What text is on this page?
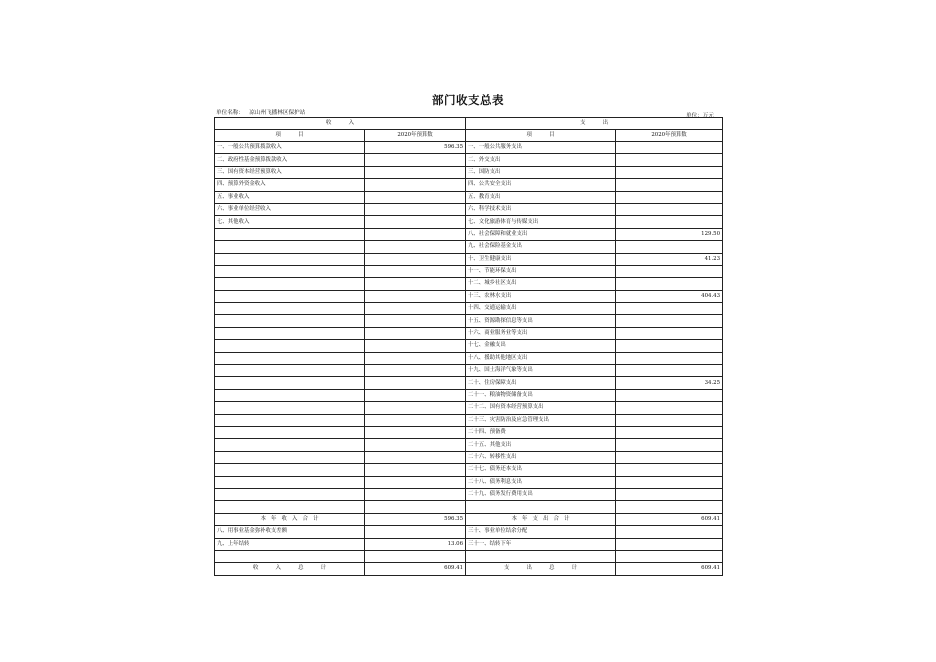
部门收支总表
单位名称：   凉山州飞播林区保护站	单位：万元
收          入		支          出	
项          目	2020年预算数	项          目	2020年预算数
一、一般公共预算拨款收入	596.35	一、一般公共服务支出	
二、政府性基金预算拨款收入		二、外交支出	
三、国有资本经营预算收入		三、国防支出	
四、预算外资金收入		四、公共安全支出	
五、事业收入		五、教育支出	
六、事业单位经营收入		六、科学技术支出	
七、其他收入		七、文化旅游体育与传媒支出	
		八、社会保障和就业支出	129.50
		九、社会保险基金支出	
		十、卫生健康支出	41.23
		十一、节能环保支出	
		十二、城乡社区支出	
		十三、农林水支出	404.43
		十四、交通运输支出	
		十五、资源勘探信息等支出	
		十六、商业服务业等支出	
		十七、金融支出	
		十八、援助其他地区支出	
		十九、国土海洋气象等支出	
		二十、住房保障支出	34.25
		二十一、粮油物资储备支出	
		二十二、国有资本经营预算支出	
		二十三、灾害防治及应急管理支出	
		二十四、预备费	
		二十五、其他支出	
		二十六、转移性支出	
		二十七、债务还本支出	
		二十八、债务利息支出	
		二十九、债务发行费用支出	

本   年   收   入   合   计	596.35	本   年   支   出   合   计	609.41
八、用事业基金弥补收支差额		三十、事业单位结余分配	
九、上年结转	13.06	三十一、结转下年	

收          入          总          计	609.41	支          出          总          计	609.41
